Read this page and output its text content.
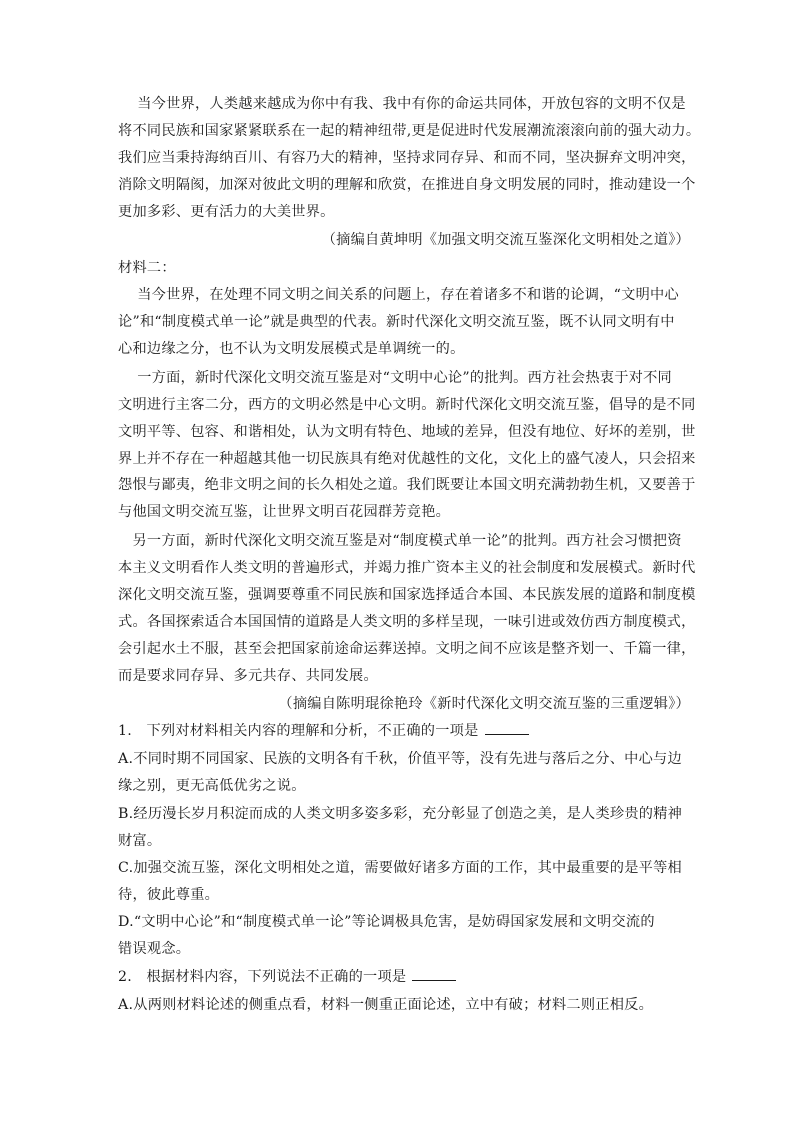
　 当今世界，人类越来越成为你中有我、我中有你的命运共同体，开放包容的文明不仅是
将不同民族和国家紧紧联系在一起的精神纽带,更是促进时代发展潮流滚滚向前的强大动力。
我们应当秉持海纳百川、有容乃大的精神，坚持求同存异、和而不同，坚决摒弃文明冲突，
消除文明隔阂，加深对彼此文明的理解和欣赏，在推进自身文明发展的同时，推动建设一个
更加多彩、更有活力的大美世界。
（摘编自黄坤明《加强文明交流互鉴深化文明相处之道》）
材料二：
　 当今世界，在处理不同文明之间关系的问题上，存在着诸多不和谐的论调，“文明中心
论”和“制度模式单一论”就是典型的代表。新时代深化文明交流互鉴，既不认同文明有中
心和边缘之分，也不认为文明发展模式是单调统一的。
　 一方面，新时代深化文明交流互鉴是对“文明中心论”的批判。西方社会热衷于对不同
文明进行主客二分，西方的文明必然是中心文明。新时代深化文明交流互鉴，倡导的是不同
文明平等、包容、和谐相处，认为文明有特色、地域的差异，但没有地位、好坏的差别，世
界上并不存在一种超越其他一切民族具有绝对优越性的文化，文化上的盛气凌人，只会招来
怨恨与鄙夷，绝非文明之间的长久相处之道。我们既要让本国文明充满勃勃生机，又要善于
与他国文明交流互鉴，让世界文明百花园群芳竞艳。
　另一方面，新时代深化文明交流互鉴是对“制度模式单一论”的批判。西方社会习惯把资
本主义文明看作人类文明的普遍形式，并竭力推广资本主义的社会制度和发展模式。新时代
深化文明交流互鉴，强调要尊重不同民族和国家选择适合本国、本民族发展的道路和制度模
式。各国探索适合本国国情的道路是人类文明的多样呈现，一味引进或效仿西方制度模式，
会引起水土不服，甚至会把国家前途命运葬送掉。文明之间不应该是整齐划一、千篇一律，
而是要求同存异、多元共存、共同发展。
（摘编自陈明琨徐艳玲《新时代深化文明交流互鉴的三重逻辑》）
1.　下列对材料相关内容的理解和分析，不正确的一项是
A.不同时期不同国家、民族的文明各有千秋，价值平等，没有先进与落后之分、中心与边
缘之别，更无高低优劣之说。
B.经历漫长岁月积淀而成的人类文明多姿多彩，充分彰显了创造之美，是人类珍贵的精神
财富。
C.加强交流互鉴，深化文明相处之道，需要做好诸多方面的工作，其中最重要的是平等相
待，彼此尊重。
D.“文明中心论”和“制度模式单一论”等论调极具危害，是妨碍国家发展和文明交流的
错误观念。
2.　根据材料内容，下列说法不正确的一项是
A.从两则材料论述的侧重点看，材料一侧重正面论述，立中有破；材料二则正相反。
